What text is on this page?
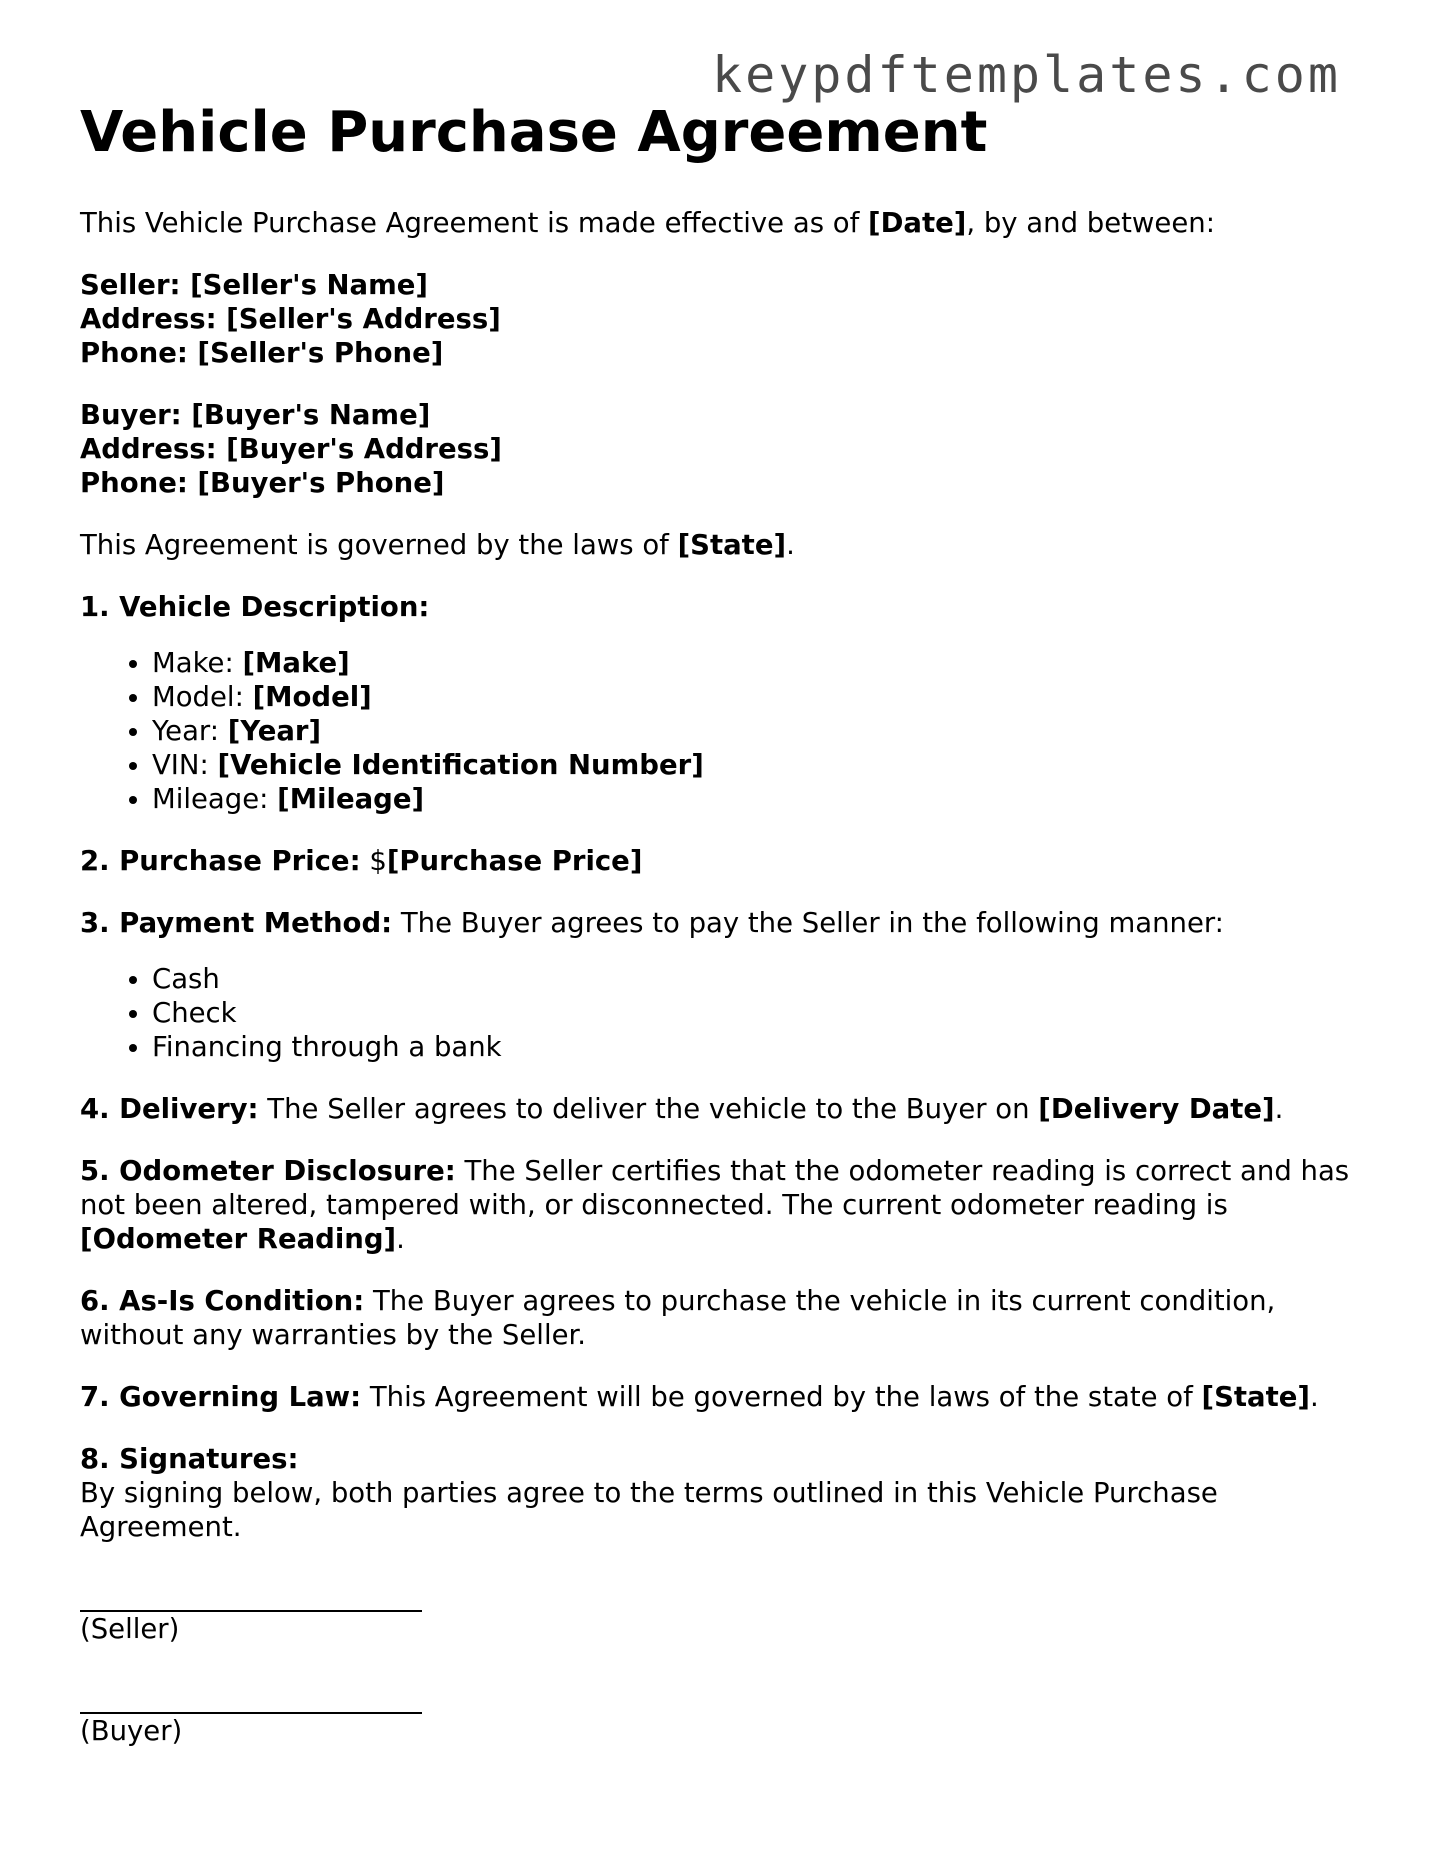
keypdftemplates.com
Vehicle Purchase Agreement

This Vehicle Purchase Agreement is made effective as of [Date], by and between:

Seller: [Seller's Name]
Address: [Seller's Address]
Phone: [Seller's Phone]
Buyer: [Buyer's Name]
Address: [Buyer's Address]
Phone: [Buyer's Phone]

This Agreement is governed by the laws of [State].

1. Vehicle Description:

• Make: [Make]
• Model: [Model]
• Year: [Year]
• VIN: [Vehicle Identification Number]
• Mileage: [Mileage]

2. Purchase Price: $[Purchase Price]

3. Payment Method: The Buyer agrees to pay the Seller in the following manner:

• Cash
• Check
• Financing through a bank

4. Delivery: The Seller agrees to deliver the vehicle to the Buyer on [Delivery Date].

5. Odometer Disclosure: The Seller certifies that the odometer reading is correct and has not been altered, tampered with, or disconnected. The current odometer reading is [Odometer Reading].

6. As-Is Condition: The Buyer agrees to purchase the vehicle in its current condition, without any warranties by the Seller.

7. Governing Law: This Agreement will be governed by the laws of the state of [State].

8. Signatures:
By signing below, both parties agree to the terms outlined in this Vehicle Purchase Agreement.
(Seller)
(Buyer)
